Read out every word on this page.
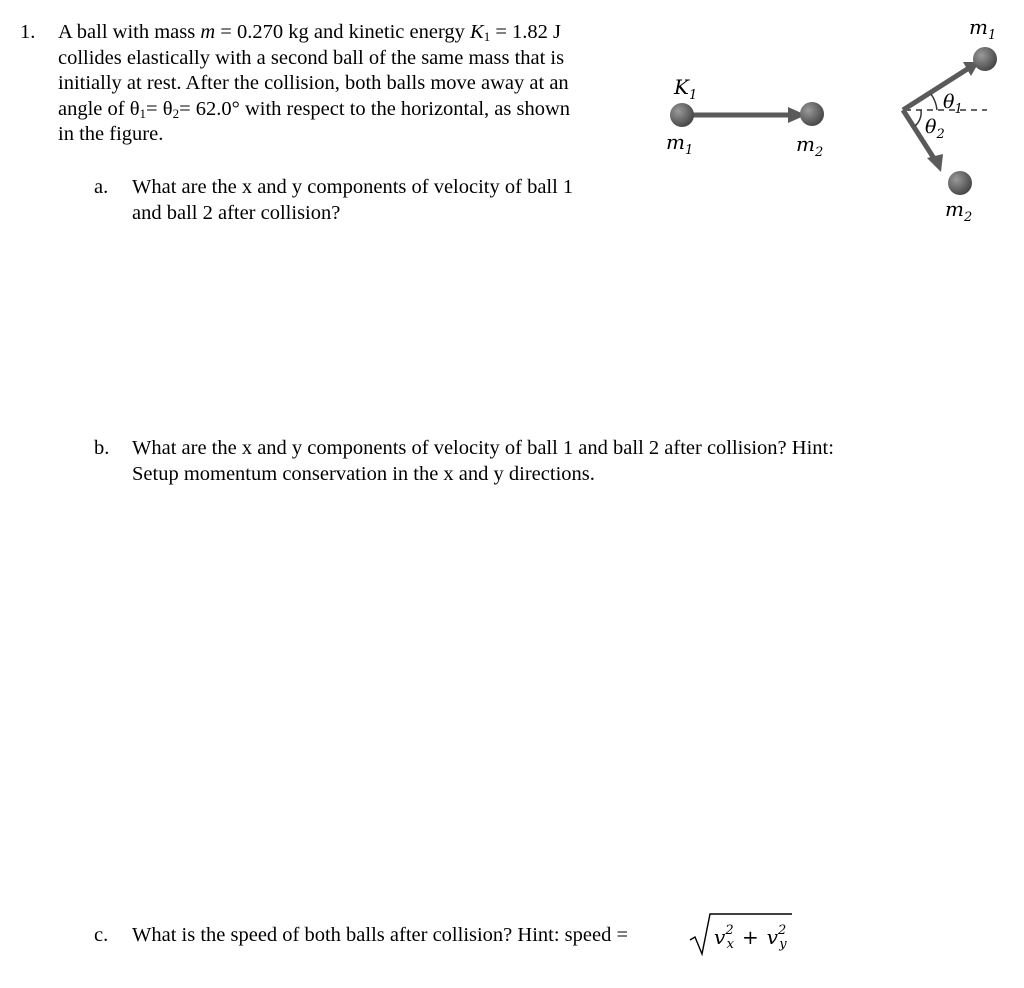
1. A ball with mass m = 0.270 kg and kinetic energy $K_1 = 1.82$ J
collides elastically with a second ball of the same mass that is
initially at rest. After the collision, both balls move away at an
angle of $\theta_1= \theta_2= 62.0^\circ$ with respect to the horizontal, as shown
in the figure.
$K_1$
$m_1$	$m_2$
$m_1$
$\theta_1$
$\theta_2$
$m_2$
a. What are the x and y components of velocity of ball 1
and ball 2 after collision?
b. What are the x and y components of velocity of ball 1 and ball 2 after collision? Hint:
Setup momentum conservation in the x and y directions.
c. What is the speed of both balls after collision? Hint: speed =	$v^2$ $x + v^2$ y
